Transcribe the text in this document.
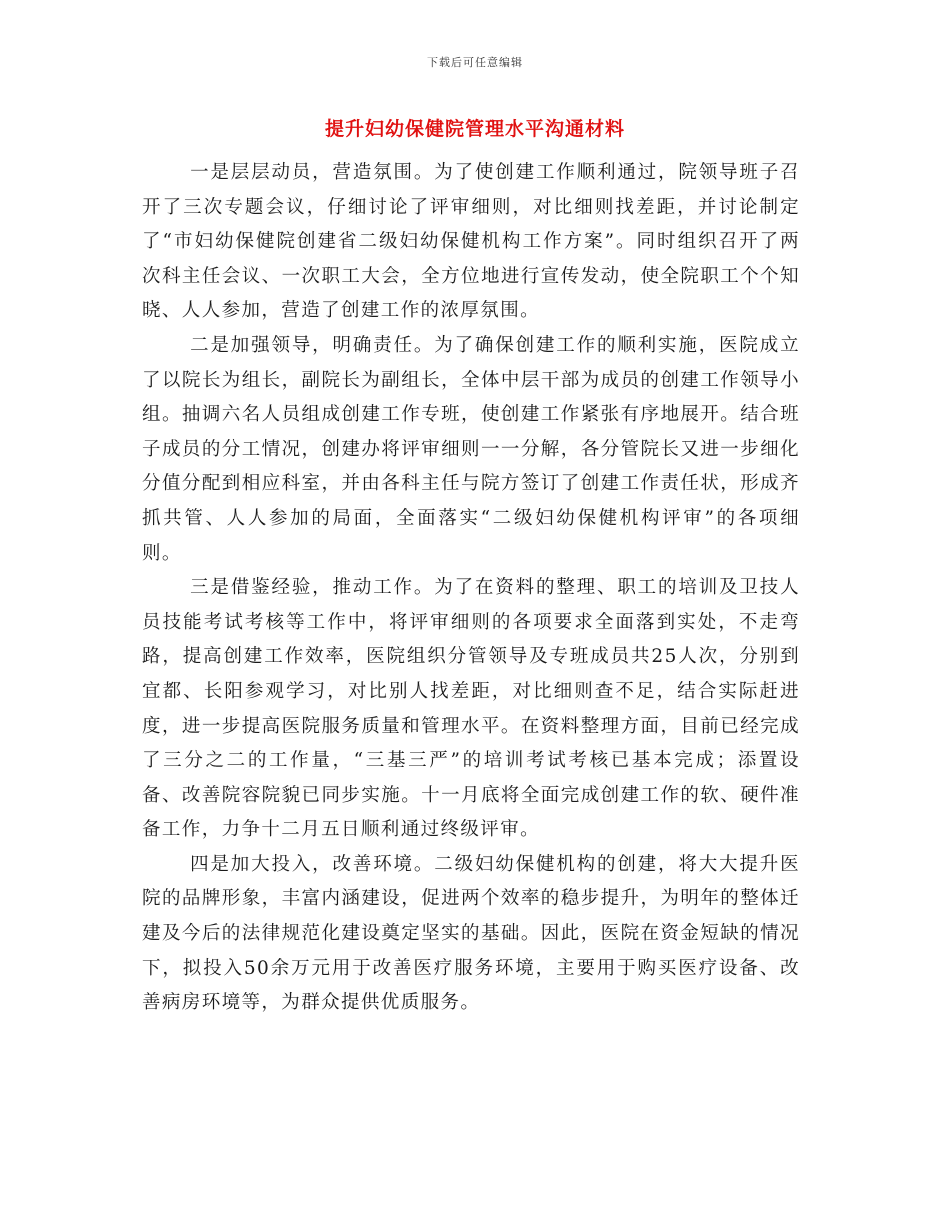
下载后可任意编辑
提升妇幼保健院管理水平沟通材料

一是层层动员，营造氛围。为了使创建工作顺利通过，院领导班子召开了三次专题会议，仔细讨论了评审细则，对比细则找差距，并讨论制定了“市妇幼保健院创建省二级妇幼保健机构工作方案”。同时组织召开了两次科主任会议、一次职工大会，全方位地进行宣传发动，使全院职工个个知晓、人人参加，营造了创建工作的浓厚氛围。

二是加强领导，明确责任。为了确保创建工作的顺利实施，医院成立了以院长为组长，副院长为副组长，全体中层干部为成员的创建工作领导小组。抽调六名人员组成创建工作专班，使创建工作紧张有序地展开。结合班子成员的分工情况，创建办将评审细则一一分解，各分管院长又进一步细化分值分配到相应科室，并由各科主任与院方签订了创建工作责任状，形成齐抓共管、人人参加的局面，全面落实“二级妇幼保健机构评审”的各项细则。

三是借鉴经验，推动工作。为了在资料的整理、职工的培训及卫技人员技能考试考核等工作中，将评审细则的各项要求全面落到实处，不走弯路，提高创建工作效率，医院组织分管领导及专班成员共25人次，分别到宜都、长阳参观学习，对比别人找差距，对比细则查不足，结合实际赶进度，进一步提高医院服务质量和管理水平。在资料整理方面，目前已经完成了三分之二的工作量，“三基三严”的培训考试考核已基本完成；添置设备、改善院容院貌已同步实施。十一月底将全面完成创建工作的软、硬件准备工作，力争十二月五日顺利通过终级评审。

四是加大投入，改善环境。二级妇幼保健机构的创建，将大大提升医院的品牌形象，丰富内涵建设，促进两个效率的稳步提升，为明年的整体迁建及今后的法律规范化建设奠定坚实的基础。因此，医院在资金短缺的情况下，拟投入50余万元用于改善医疗服务环境，主要用于购买医疗设备、改善病房环境等，为群众提供优质服务。
